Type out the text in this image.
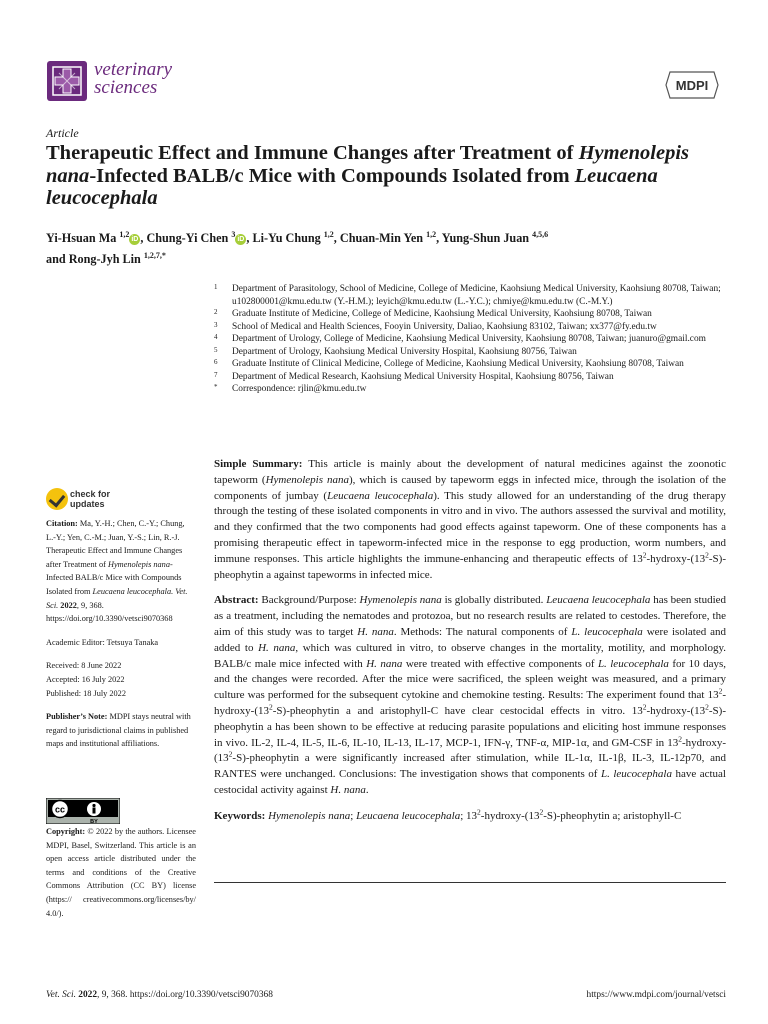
veterinary
sciences	MDPI
Article
Therapeutic Effect and Immune Changes after Treatment of Hymenolepis nana-Infected BALB/c Mice with Compounds Isolated from Leucaena leucocephala
Yi-Hsuan Ma $^{1,2}$iD , Chung-Yi Chen $^3$iD , Li-Yu Chung $^{1,2}$, Chuan-Min Yen $^{1,2}$, Yung-Shun Juan $^{4,5,6}$
and Rong-Jyh Lin $^{1,2,7,*}$
1 Department of Parasitology, School of Medicine, College of Medicine, Kaohsiung Medical University, Kaohsiung 80708, Taiwan; u102800001@kmu.edu.tw (Y.-H.M.); leyich@kmu.edu.tw (L.-Y.C.); chmiye@kmu.edu.tw (C.-M.Y.)
2 Graduate Institute of Medicine, College of Medicine, Kaohsiung Medical University, Kaohsiung 80708, Taiwan
3 School of Medical and Health Sciences, Fooyin University, Daliao, Kaohsiung 83102, Taiwan; xx377@fy.edu.tw
4 Department of Urology, College of Medicine, Kaohsiung Medical University, Kaohsiung 80708, Taiwan; juanuro@gmail.com
5 Department of Urology, Kaohsiung Medical University Hospital, Kaohsiung 80756, Taiwan
6 Graduate Institute of Clinical Medicine, College of Medicine, Kaohsiung Medical University, Kaohsiung 80708, Taiwan
7 Department of Medical Research, Kaohsiung Medical University Hospital, Kaohsiung 80756, Taiwan
* Correspondence: rjlin@kmu.edu.tw
check for
updates

Citation: Ma, Y.-H.; Chen, C.-Y.; Chung, L.-Y.; Yen, C.-M.; Juan, Y.-S.; Lin, R.-J. Therapeutic Effect and Immune Changes after Treatment of Hymenolepis nana-Infected BALB/c Mice with Compounds Isolated from Leucaena leucocephala. Vet. Sci. 2022, 9, 368. https://doi.org/10.3390/vetsci9070368

Academic Editor: Tetsuya Tanaka

Received: 8 June 2022
Accepted: 16 July 2022
Published: 18 July 2022

Publisher’s Note: MDPI stays neutral with regard to jurisdictional claims in published maps and institutional affiliations.

cc
BY
Copyright: © 2022 by the authors. Licensee MDPI, Basel, Switzerland. This article is an open access article distributed under the terms and conditions of the Creative Commons Attribution (CC BY) license (https:// creativecommons.org/licenses/by/ 4.0/).

Simple Summary: This article is mainly about the development of natural medicines against the zoonotic tapeworm (Hymenolepis nana), which is caused by tapeworm eggs in infected mice, through the isolation of the components of jumbay (Leucaena leucocephala). This study allowed for an understanding of the drug therapy through the testing of these isolated components in vitro and in vivo. The authors assessed the survival and motility, and they confirmed that the two components had good effects against tapeworm. One of these components has a promising therapeutic effect in tapeworm-infected mice in the response to egg production, worm numbers, and immune responses. This article highlights the immune-enhancing and therapeutic effects of $13^2-hydroxy-(13^2-S)$-pheophytin a against tapeworms in infected mice.

Abstract: Background/Purpose: Hymenolepis nana is globally distributed. Leucaena leucocephala has been studied as a treatment, including the nematodes and protozoa, but no research results are related to cestodes. Therefore, the aim of this study was to target H. nana. Methods: The natural components of L. leucocephala were isolated and added to H. nana, which was cultured in vitro, to observe changes in the mortality, motility, and morphology. BALB/c male mice infected with H. nana were treated with effective components of L. leucocephala for 10 days, and the changes were recorded. After the mice were sacrificed, the spleen weight was measured, and a primary culture was performed for the subsequent cytokine and chemokine testing. Results: The experiment found that $13^2-hydroxy-(13^2-S)$-pheophytin a and aristophyll-C have clear cestocidal effects in vitro. $13^2-hydroxy-(13^2-S)$-pheophytin a has been shown to be effective at reducing parasite populations and eliciting host immune responses in vivo. IL-2, IL-4, IL-5, IL-6, IL-10, IL-13, IL-17, MCP-1, IFN-γ, TNF-α, MIP-1α, and GM-CSF in $13^2-hydroxy-(13^2-S)$-pheophytin a were significantly increased after stimulation, while IL-1α, IL-1β, IL-3, IL-12p70, and RANTES were unchanged. Conclusions: The investigation shows that components of L. leucocephala have actual cestocidal activity against H. nana.

Keywords: Hymenolepis nana; Leucaena leucocephala; $13^2-hydroxy-(13^2-S)$-pheophytin a; aristophyll-C

Vet. Sci. 2022, 9, 368. https://doi.org/10.3390/vetsci9070368	https://www.mdpi.com/journal/vetsci
